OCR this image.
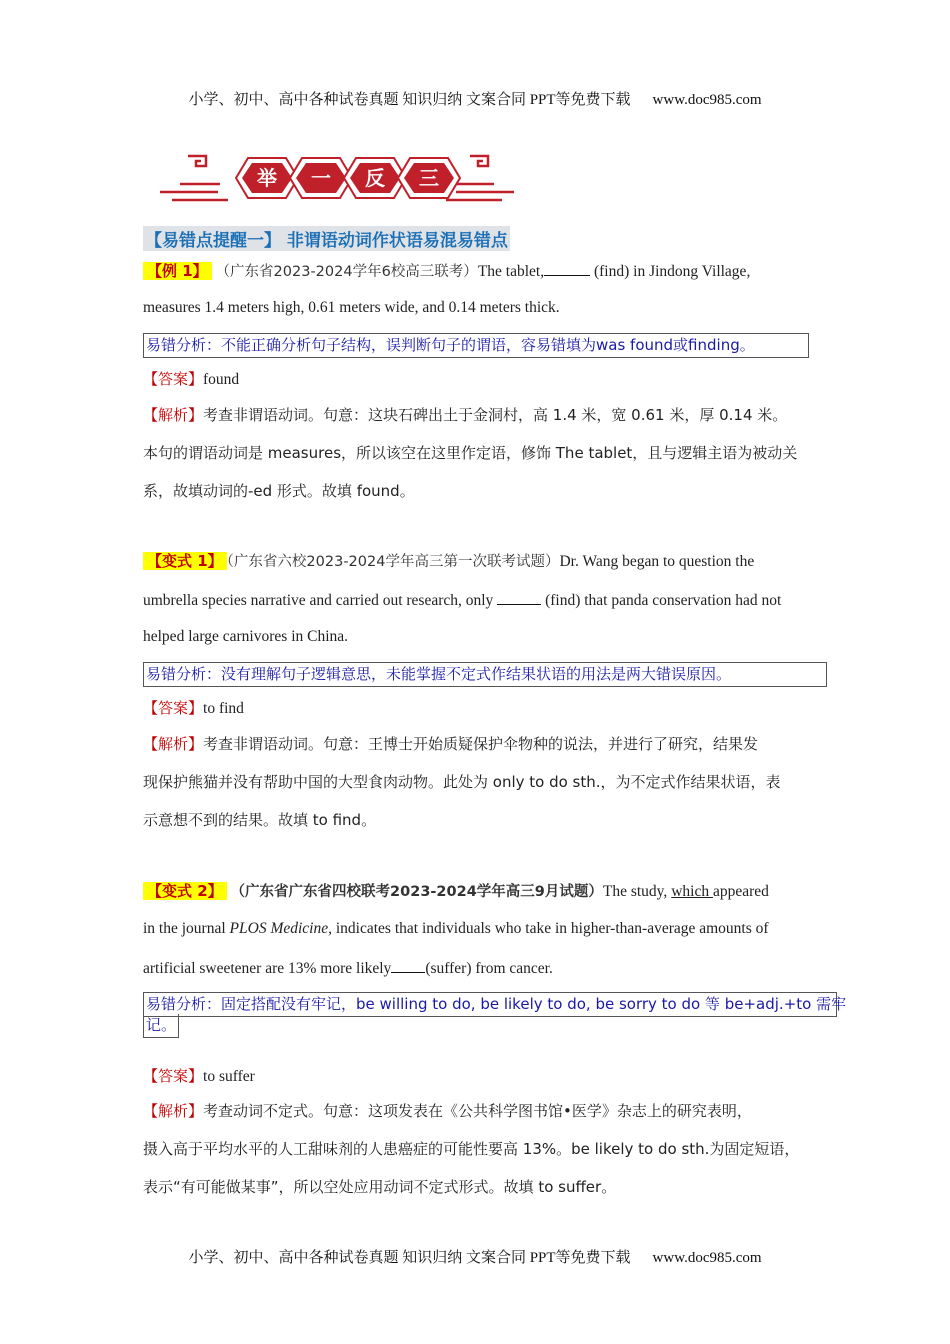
小学、初中、高中各种试卷真题 知识归纳 文案合同 PPT等免费下载 www.doc985.com
举 一 反 三
【易错点提醒一】 非谓语动词作状语易混易错点
【例 1】 （广东省2023-2024学年6校高三联考）The tablet,	(find) in Jindong Village,
measures 1.4 meters high, 0.61 meters wide, and 0.14 meters thick.
易错分析：不能正确分析句子结构，误判断句子的谓语，容易错填为was found或finding。
【答案】found
【解析】考查非谓语动词。句意：这块石碑出土于金洞村，高 1.4 米，宽 0.61 米，厚 0.14 米。
本句的谓语动词是 measures，所以该空在这里作定语，修饰 The tablet，且与逻辑主语为被动关
系，故填动词的-ed 形式。故填 found。
【变式 1】 （广东省六校2023-2024学年高三第一次联考试题）Dr. Wang began to question the
umbrella species narrative and carried out research, only	(find) that panda conservation had not
helped large carnivores in China.
易错分析：没有理解句子逻辑意思，未能掌握不定式作结果状语的用法是两大错误原因。
【答案】to find
【解析】考查非谓语动词。句意：王博士开始质疑保护伞物种的说法，并进行了研究，结果发
现保护熊猫并没有帮助中国的大型食肉动物。此处为 only to do sth.，为不定式作结果状语，表
示意想不到的结果。故填 to find。
【变式 2】 （广东省广东省四校联考2023-2024学年高三9月试题）The study, which appeared
in the journal PLOS Medicine, indicates that individuals who take in higher-than-average amounts of
artificial sweetener are 13% more likely (suffer) from cancer.
易错分析：固定搭配没有牢记，be willing to do, be likely to do, be sorry to do 等 be+adj.+to 需牢
记。
【答案】to suffer
【解析】考查动词不定式。句意：这项发表在《公共科学图书馆•医学》杂志上的研究表明，
摄入高于平均水平的人工甜味剂的人患癌症的可能性要高 13%。be likely to do sth.为固定短语，
表示“有可能做某事”，所以空处应用动词不定式形式。故填 to suffer。
小学、初中、高中各种试卷真题 知识归纳 文案合同 PPT等免费下载 www.doc985.com
